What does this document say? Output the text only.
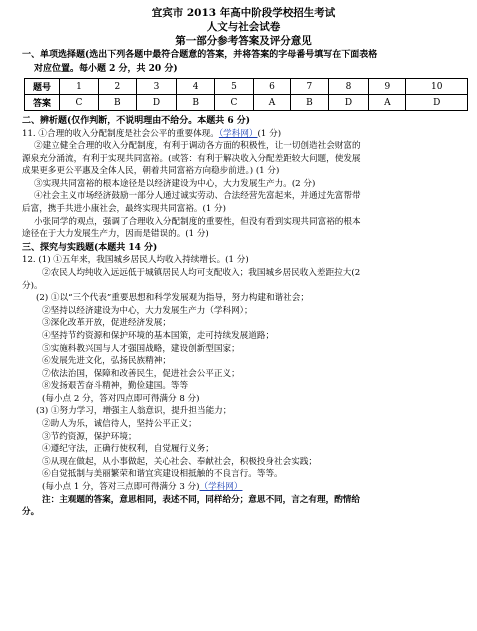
宜宾市 2013 年高中阶段学校招生考试
人文与社会试卷
第一部分参考答案及评分意见
一、单项选择题(选出下列各题中最符合题意的答案，并将答案的字母番号填写在下面表格
对应位置。每小题 2 分，共 20 分)
题号	1	2	3	4	5	6	7	8	9	10
答案	C	B	D	B	C	A	B	D	A	D
二、辨析题(仅作判断，不说明理由不给分。本题共 6 分)
11. ①合理的收入分配制度是社会公平的重要体现。（学科网）(1 分)
②建立健全合理的收入分配制度，有利于调动各方面的积极性，让一切创造社会财富的
源泉充分涌流，有利于实现共同富裕。(或答：有利于解决收入分配差距较大问题，使发展
成果更多更公平惠及全体人民，朝着共同富裕方向稳步前进。) (1 分)
③实现共同富裕的根本途径是以经济建设为中心，大力发展生产力。(2 分)
④社会主义市场经济鼓励一部分人通过诚实劳动、合法经营先富起来，并通过先富帮带
后富，携手共进小康社会，最终实现共同富裕。(1 分)
小张同学的观点，强调了合理收入分配制度的重要性，但没有看到实现共同富裕的根本
途径在于大力发展生产力，因而是错误的。(1 分)
三、探究与实践题(本题共 14 分)
12. (1) ①五年来，我国城乡居民人均收入持续增长。(1 分)
②农民人均纯收入远远低于城镇居民人均可支配收入；我国城乡居民收入差距拉大(2
分)。
(2) ①以“三个代表”重要思想和科学发展观为指导，努力构建和谐社会；
②坚持以经济建设为中心，大力发展生产力（学科网）；
③深化改革开放，促进经济发展；
④坚持节约资源和保护环境的基本国策，走可持续发展道路；
⑤实施科教兴国与人才强国战略，建设创新型国家；
⑥发展先进文化，弘扬民族精神；
⑦依法治国，保障和改善民生，促进社会公平正义；
⑧发扬艰苦奋斗精神，勤俭建国。等等
(每小点 2 分，答对四点即可得满分 8 分)
(3) ①努力学习，增强主人翁意识，提升担当能力；
②助人为乐，诚信待人，坚持公平正义；
③节约资源，保护环境；
④遵纪守法，正确行使权利，自觉履行义务；
⑤从现在做起，从小事做起，关心社会、奉献社会，积极投身社会实践；
⑥自觉抵制与美丽繁荣和谐宜宾建设相抵触的不良言行。等等。
(每小点 1 分，答对三点即可得满分 3 分)（学科网）
注：主观题的答案，意思相同，表述不同，同样给分；意思不同，言之有理，酌情给
分。
